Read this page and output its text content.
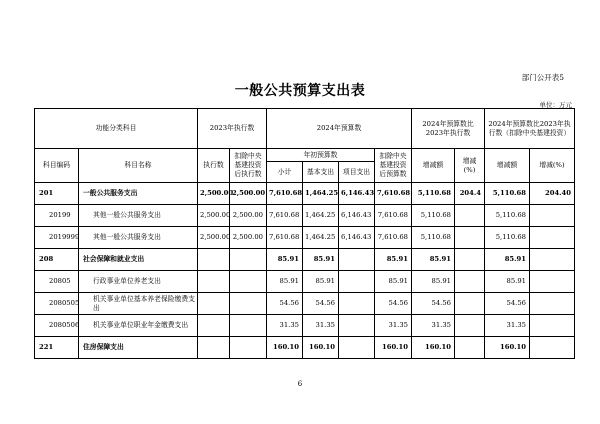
部门公开表5
一般公共预算支出表
单位：万元
功能分类科目		2023年执行数		2024年预算数				2024年预算数比2023年执行数		2024年预算数比2023年执行数（扣除中央基建投资）	
科目编码	科目名称	执行数	扣除中央基建投资后执行数	年初预算数			扣除中央基建投资后预算数	增减额	增减(%)	增减额	增减(%)
				小计	基本支出	项目支出					
201	一般公共服务支出	2,500.00	2,500.00	7,610.68	1,464.25	6,146.43	7,610.68	5,110.68	204.4	5,110.68	204.40
20199	其他一般公共服务支出	2,500.00	2,500.00	7,610.68	1,464.25	6,146.43	7,610.68	5,110.68		5,110.68	
2019999	其他一般公共服务支出	2,500.00	2,500.00	7,610.68	1,464.25	6,146.43	7,610.68	5,110.68		5,110.68	
208	社会保障和就业支出			85.91	85.91		85.91	85.91		85.91	
20805	行政事业单位养老支出			85.91	85.91		85.91	85.91		85.91	
2080505	机关事业单位基本养老保险缴费支出			54.56	54.56		54.56	54.56		54.56	
2080506	机关事业单位职业年金缴费支出			31.35	31.35		31.35	31.35		31.35	
221	住房保障支出			160.10	160.10		160.10	160.10		160.10	
6
